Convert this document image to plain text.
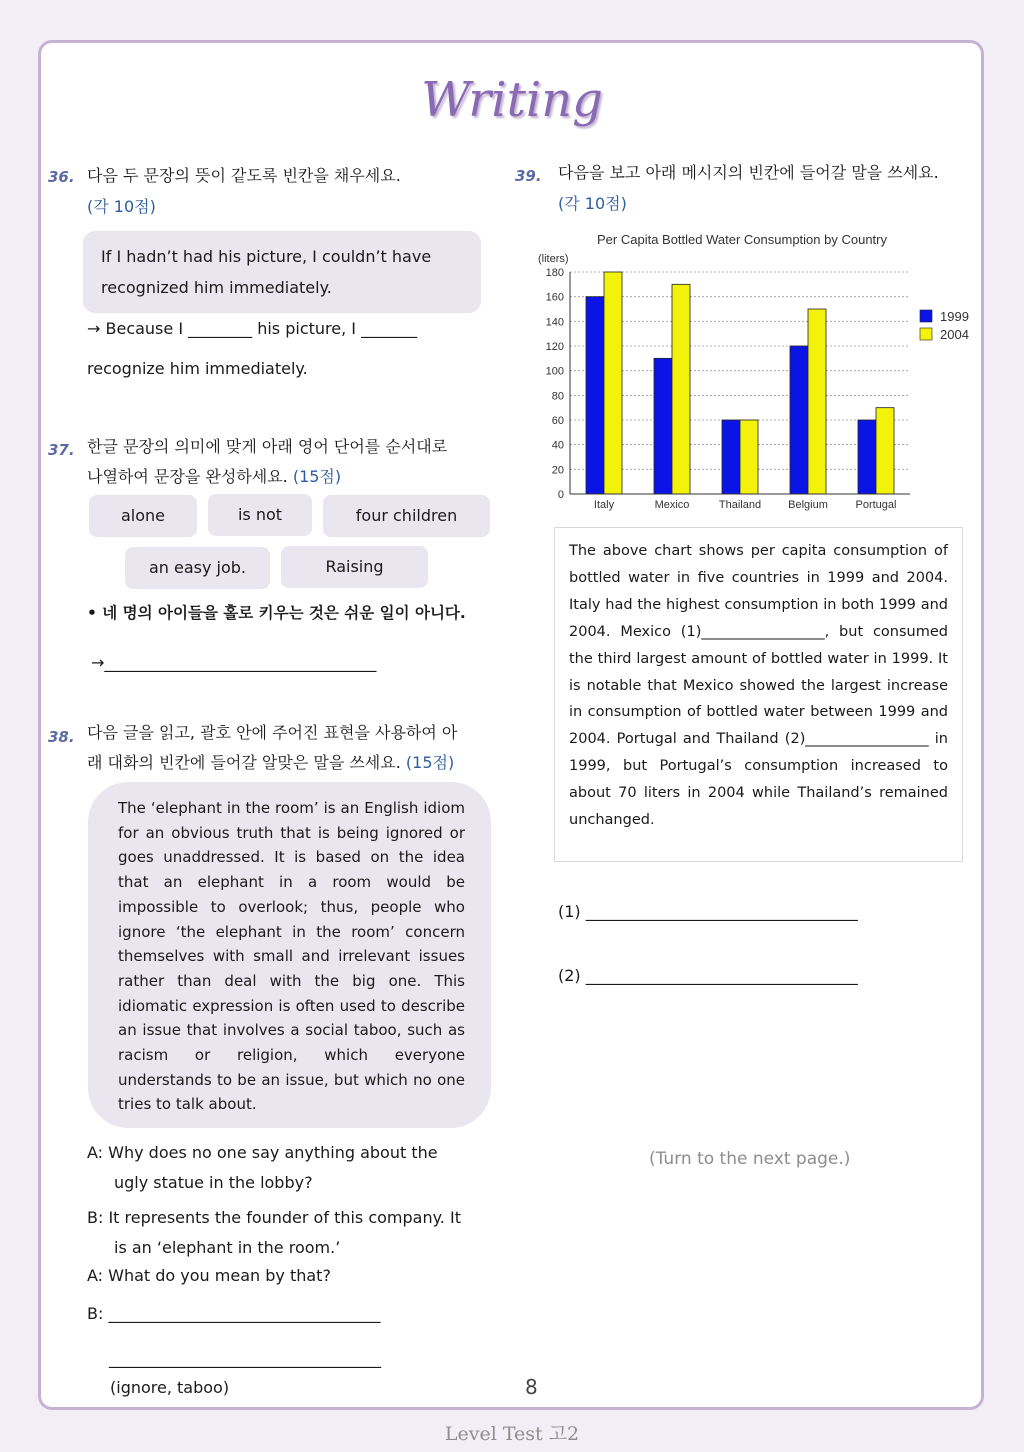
Writing
36. 다음 두 문장의 뜻이 같도록 빈칸을 채우세요.
(각 10점)
If I hadn’t had his picture, I couldn’t have
recognized him immediately.
→ Because I ________ his picture, I _______
recognize him immediately.
37. 한글 문장의 의미에 맞게 아래 영어 단어를 순서대로
나열하여 문장을 완성하세요. (15점)
alone	is not	four children
an easy job.	Raising
• 네 명의 아이들을 홀로 키우는 것은 쉬운 일이 아니다.
→__________________________________
38. 다음 글을 읽고, 괄호 안에 주어진 표현을 사용하여 아
래 대화의 빈칸에 들어갈 알맞은 말을 쓰세요. (15점)
The ‘elephant in the room’ is an English idiom for an obvious truth that is being ignored or goes unaddressed. It is based on the idea that an elephant in a room would be impossible to overlook; thus, people who ignore ‘the elephant in the room’ concern themselves with small and irrelevant issues rather than deal with the big one. This idiomatic expression is often used to describe an issue that involves a social taboo, such as racism or religion, which everyone understands to be an issue, but which no one tries to talk about.
A: Why does no one say anything about the
ugly statue in the lobby?
B: It represents the founder of this company. It
is an ‘elephant in the room.’
A: What do you mean by that?
B: __________________________________
__________________________________
(ignore, taboo)
39. 다음을 보고 아래 메시지의 빈칸에 들어갈 말을 쓰세요.
(각 10점)
Per Capita Bottled Water Consumption by Country
(liters)
0
20
40
60
80
100
120
140
160
180
Italy	Mexico	Thailand Belgium	Portugal
1999
2004
The above chart shows per capita consumption of bottled water in five countries in 1999 and 2004. Italy had the highest consumption in both 1999 and 2004. Mexico (1)_________________, but consumed the third largest amount of bottled water in 1999. It is notable that Mexico showed the largest increase in consumption of bottled water between 1999 and 2004. Portugal and Thailand (2)_________________ in 1999, but Portugal’s consumption increased to about 70 liters in 2004 while Thailand’s remained unchanged.
(1) __________________________________
(2) __________________________________
(Turn to the next page.)
8
Level Test 고2
